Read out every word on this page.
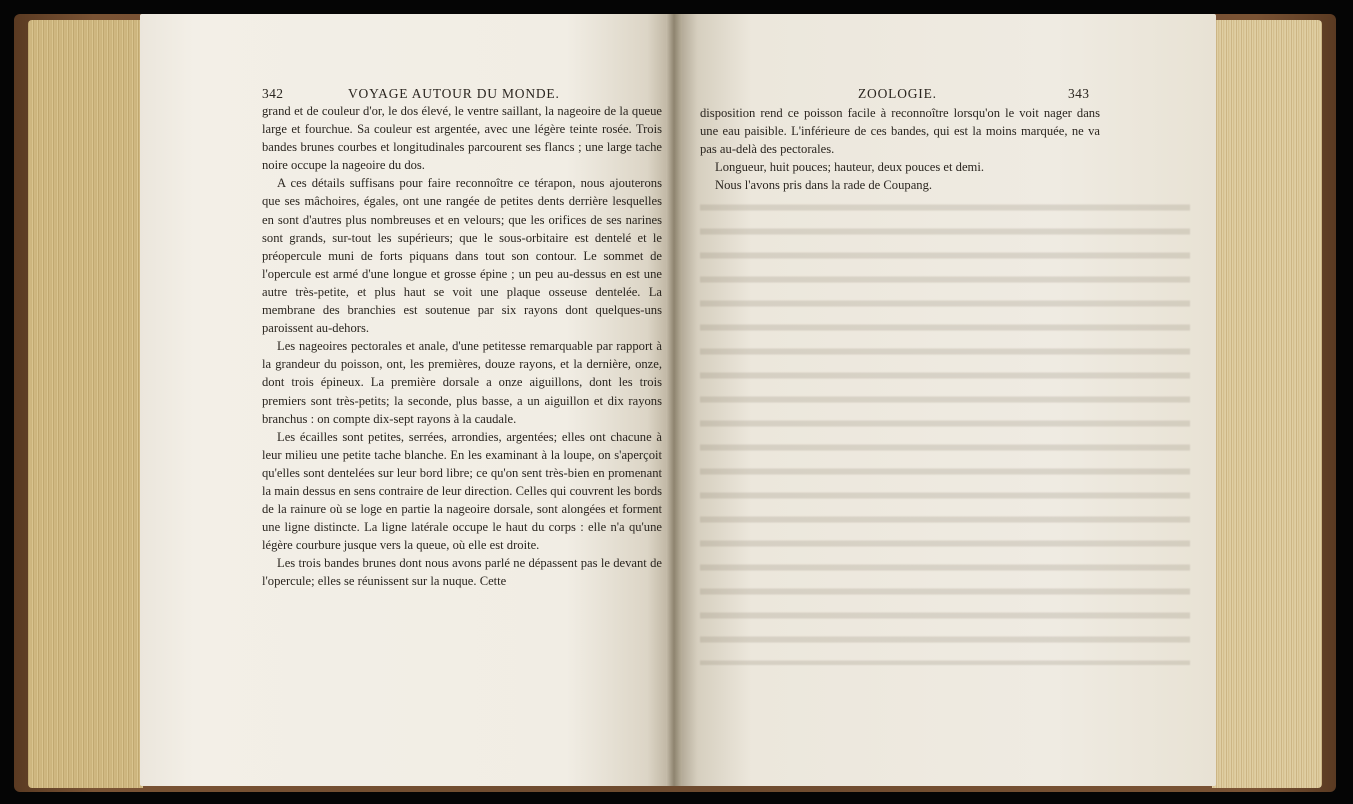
342	VOYAGE AUTOUR DU MONDE.

grand et de couleur d'or, le dos élevé, le ventre saillant, la nageoire de la queue large et fourchue. Sa couleur est argentée, avec une légère teinte rosée. Trois bandes brunes courbes et longitudinales parcourent ses flancs ; une large tache noire occupe la nageoire du dos.

A ces détails suffisans pour faire reconnoître ce térapon, nous ajouterons que ses mâchoires, égales, ont une rangée de petites dents derrière lesquelles en sont d'autres plus nombreuses et en velours; que les orifices de ses narines sont grands, sur-tout les supérieurs; que le sous-orbitaire est dentelé et le préopercule muni de forts piquans dans tout son contour. Le sommet de l'opercule est armé d'une longue et grosse épine ; un peu au-dessus en est une autre très-petite, et plus haut se voit une plaque osseuse dentelée. La membrane des branchies est soutenue par six rayons dont quelques-uns paroissent au-dehors.

Les nageoires pectorales et anale, d'une petitesse remarquable par rapport à la grandeur du poisson, ont, les premières, douze rayons, et la dernière, onze, dont trois épineux. La première dorsale a onze aiguillons, dont les trois premiers sont très-petits; la seconde, plus basse, a un aiguillon et dix rayons branchus : on compte dix-sept rayons à la caudale.

Les écailles sont petites, serrées, arrondies, argentées; elles ont chacune à leur milieu une petite tache blanche. En les examinant à la loupe, on s'aperçoit qu'elles sont dentelées sur leur bord libre; ce qu'on sent très-bien en promenant la main dessus en sens contraire de leur direction. Celles qui couvrent les bords de la rainure où se loge en partie la nageoire dorsale, sont alongées et forment une ligne distincte. La ligne latérale occupe le haut du corps : elle n'a qu'une légère courbure jusque vers la queue, où elle est droite.

Les trois bandes brunes dont nous avons parlé ne dépassent pas le devant de l'opercule; elles se réunissent sur la nuque. Cette

ZOOLOGIE.	343

disposition rend ce poisson facile à reconnoître lorsqu'on le voit nager dans une eau paisible. L'inférieure de ces bandes, qui est la moins marquée, ne va pas au-delà des pectorales.

Longueur, huit pouces; hauteur, deux pouces et demi.

Nous l'avons pris dans la rade de Coupang.
